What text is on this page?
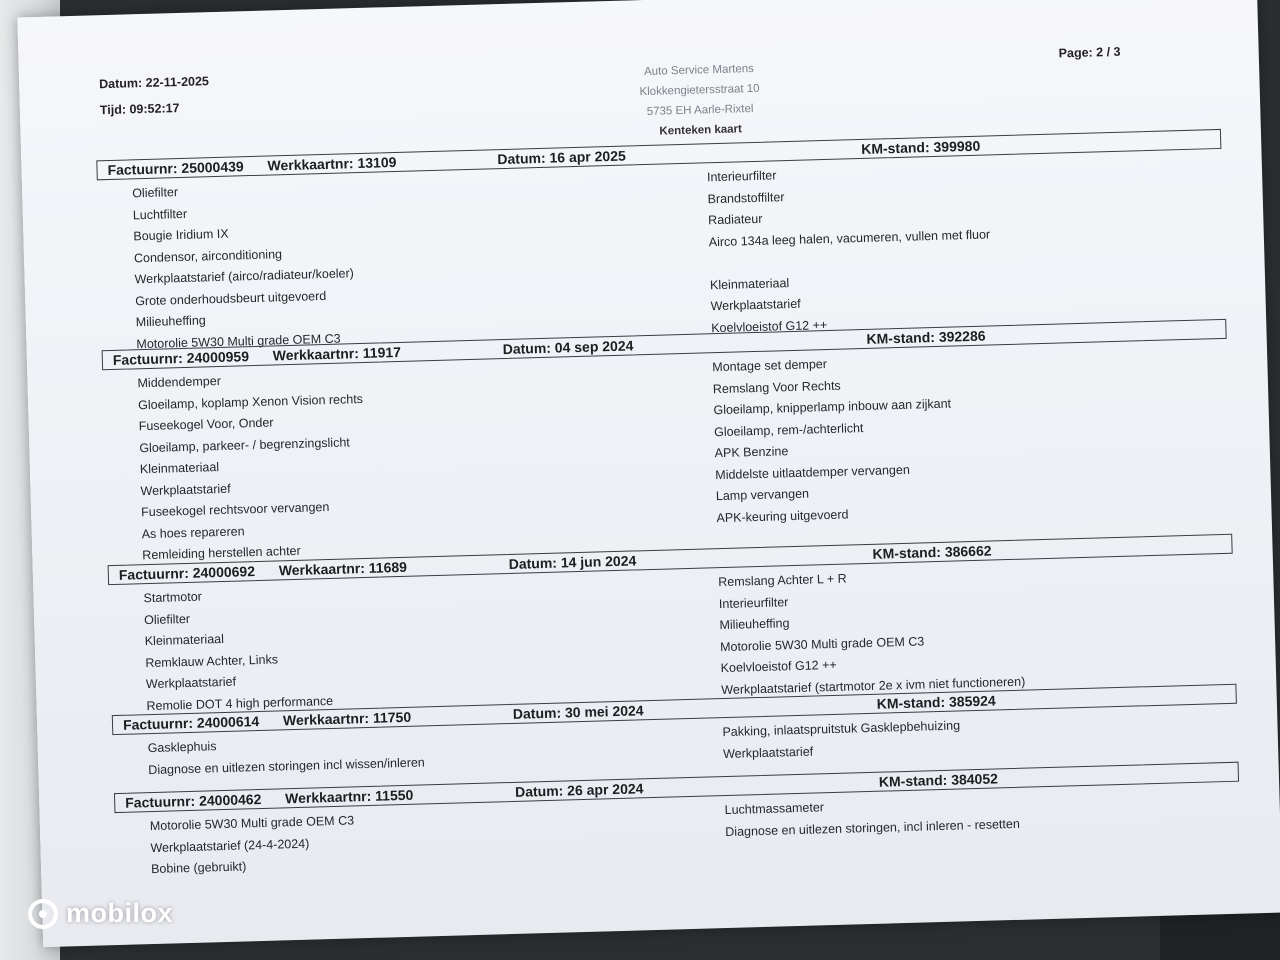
Datum: 22-11-2025
Tijd: 09:52:17
Page: 2 / 3
Auto Service Martens
Klokkengietersstraat 10
5735 EH Aarle-Rixtel
Kenteken kaart
Factuurnr: 25000439	Werkkaartnr: 13109	Datum: 16 apr 2025
KM-stand: 399980
Oliefilter
Luchtfilter
Bougie Iridium IX
Condensor, airconditioning
Werkplaatstarief (airco/radiateur/koeler)
Grote onderhoudsbeurt uitgevoerd
Milieuheffing
Motorolie 5W30 Multi grade OEM C3
Interieurfilter
Brandstoffilter
Radiateur
Airco 134a leeg halen, vacumeren, vullen met fluor
Kleinmateriaal
Werkplaatstarief
Koelvloeistof G12 ++
Factuurnr: 24000959	Werkkaartnr: 11917	Datum: 04 sep 2024
KM-stand: 392286
Middendemper
Gloeilamp, koplamp Xenon Vision rechts
Fuseekogel Voor, Onder
Gloeilamp, parkeer- / begrenzingslicht
Kleinmateriaal
Werkplaatstarief
Fuseekogel rechtsvoor vervangen
As hoes repareren
Remleiding herstellen achter
Montage set demper
Remslang Voor Rechts
Gloeilamp, knipperlamp inbouw aan zijkant
Gloeilamp, rem-/achterlicht
APK Benzine
Middelste uitlaatdemper vervangen
Lamp vervangen
APK-keuring uitgevoerd
Factuurnr: 24000692	Werkkaartnr: 11689	Datum: 14 jun 2024
KM-stand: 386662
Startmotor
Oliefilter
Kleinmateriaal
Remklauw Achter, Links
Werkplaatstarief
Remolie DOT 4 high performance
Remslang Achter L + R
Interieurfilter
Milieuheffing
Motorolie 5W30 Multi grade OEM C3
Koelvloeistof G12 ++
Werkplaatstarief (startmotor 2e x ivm niet functioneren)
Factuurnr: 24000614	Werkkaartnr: 11750	Datum: 30 mei 2024
KM-stand: 385924
Gasklephuis
Diagnose en uitlezen storingen incl wissen/inleren
Pakking, inlaatspruitstuk Gasklepbehuizing
Werkplaatstarief
Factuurnr: 24000462	Werkkaartnr: 11550	Datum: 26 apr 2024
KM-stand: 384052
Motorolie 5W30 Multi grade OEM C3
Werkplaatstarief (24-4-2024)
Bobine (gebruikt)
Luchtmassameter
Diagnose en uitlezen storingen, incl inleren - resetten
mobilox
